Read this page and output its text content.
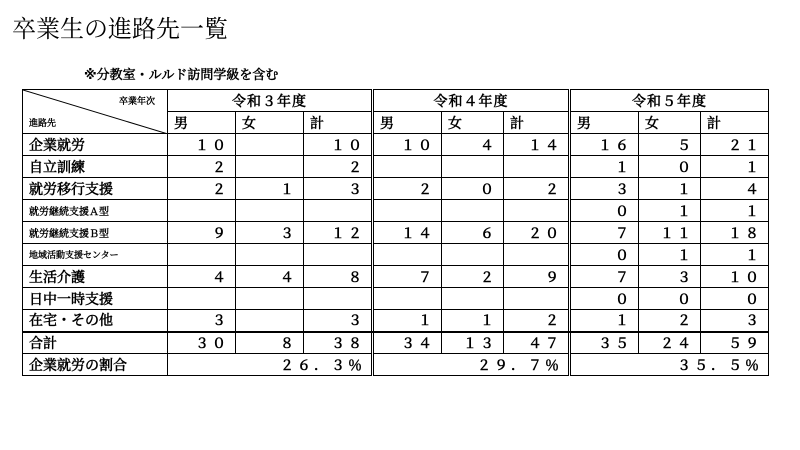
卒業生の進路先一覧
※分教室・ルルド訪問学級を含む
卒業年次
進路先	令和３年度				令和４年度				令和５年度		
	男	女	計		男	女	計		男	女	計
企業就労	１０		１０		１０	４	１４		１６	５	２１
自立訓練	２		２						１	０	１
就労移行支援	２	１	３		２	０	２		３	１	４
就労継続支援Ａ型									０	１	１
就労継続支援Ｂ型	９	３	１２		１４	６	２０		７	１１	１８
地域活動支援センター									０	１	１
生活介護	４	４	８		７	２	９		７	３	１０
日中一時支援									０	０	０
在宅・その他	３		３		１	１	２		１	２	３
合計	３０	８	３８		３４	１３	４７		３５	２４	５９
企業就労の割合	２６．３％				２９．７％				３５．５％		
